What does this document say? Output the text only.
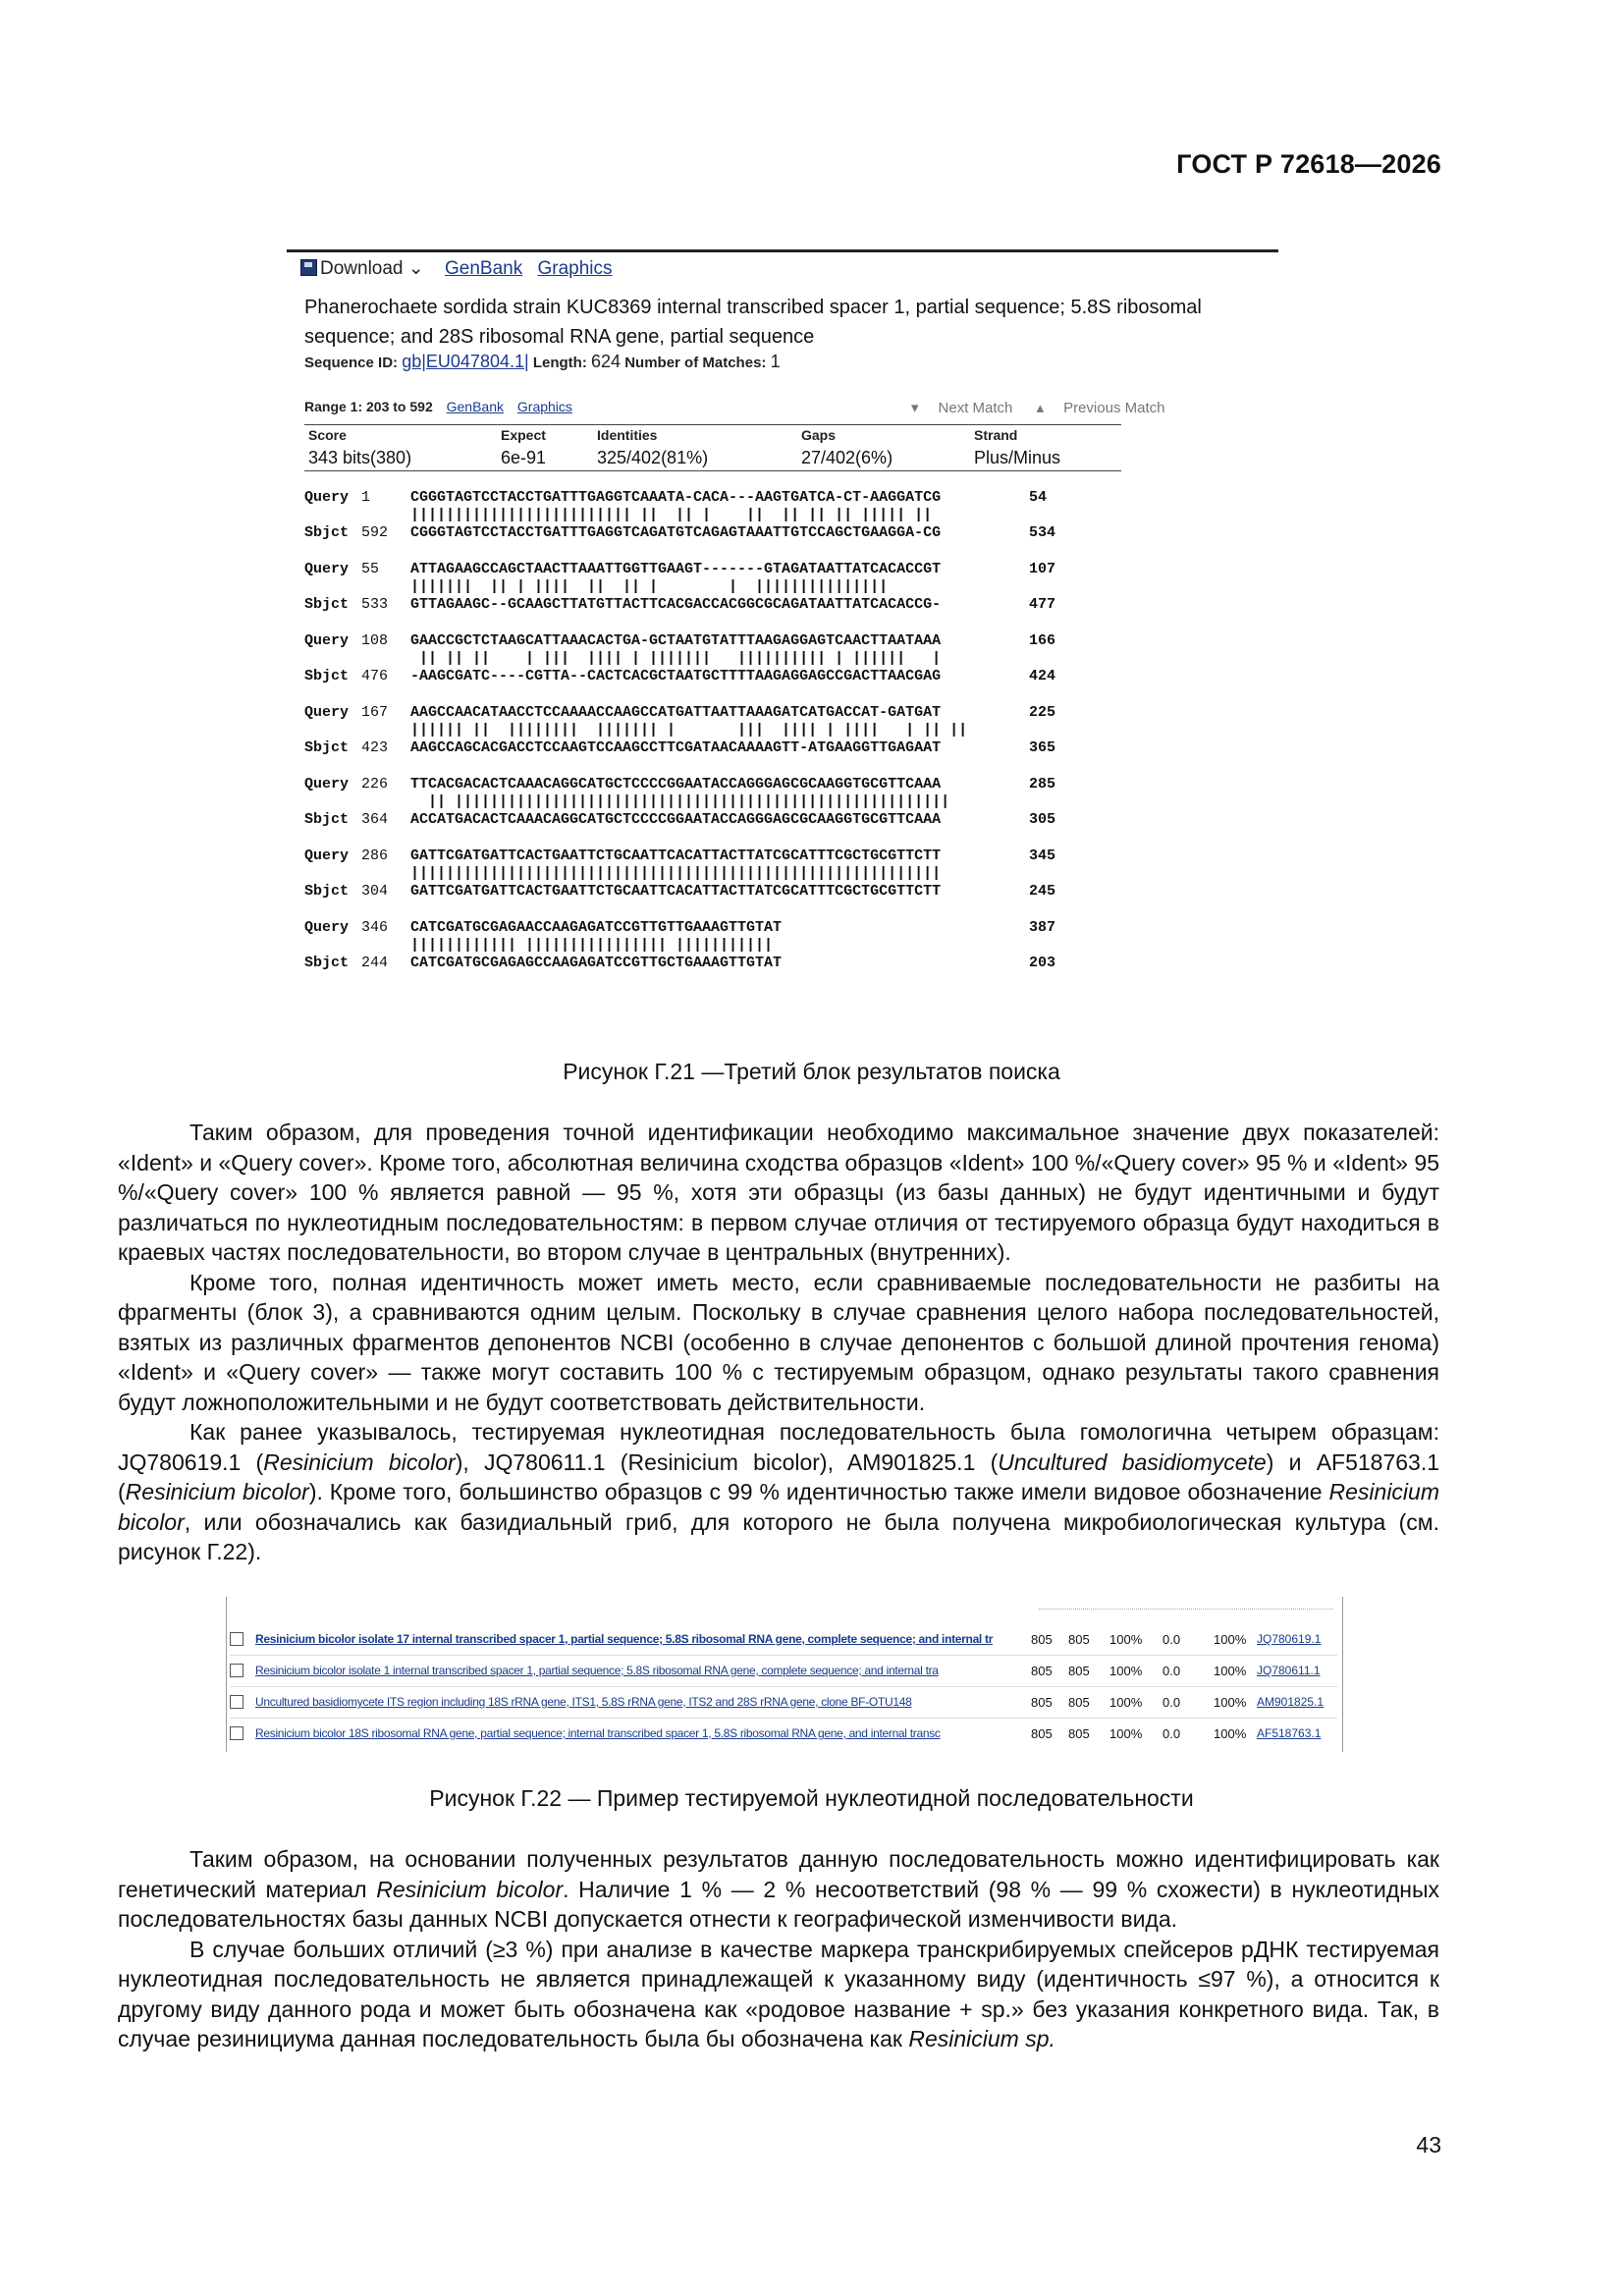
ГОСТ Р 72618—2026
Download ⌄ GenBank Graphics
Phanerochaete sordida strain KUC8369 internal transcribed spacer 1, partial sequence; 5.8S ribosomal sequence; and 28S ribosomal RNA gene, partial sequence
Sequence ID: gb|EU047804.1| Length: 624 Number of Matches: 1
Range 1: 203 to 592 GenBank Graphics	▾ Next Match ▴ Previous Match
Score	Expect	Identities	Gaps	Strand
343 bits(380)	6e-91	325/402(81%)	27/402(6%)	Plus/Minus
Query 1	CGGGTAGTCCTACCTGATTTGAGGTCAAATA-CACA---AAGTGATCA-CT-AAGGATCG	54
||||||||||||||||||||||||| ||  || |    ||  || || || ||||| ||
Sbjct 592	CGGGTAGTCCTACCTGATTTGAGGTCAGATGTCAGAGTAAATTGTCCAGCTGAAGGA-CG	534
Query 55	ATTAGAAGCCAGCTAACTTAAATTGGTTGAAGT-------GTAGATAATTATCACACCGT	107
|||||||  || | ||||  ||  || |        |  |||||||||||||||
Sbjct 533	GTTAGAAGC--GCAAGCTTATGTTACTTCACGACCACGGCGCAGATAATTATCACACCG-	477
Query 108	GAACCGCTCTAAGCATTAAACACTGA-GCTAATGTATTTAAGAGGAGTCAACTTAATAAA	166
|| || ||    | |||  |||| | |||||||   |||||||||| | ||||||   |
Sbjct 476	-AAGCGATC----CGTTA--CACTCACGCTAATGCTTTTAAGAGGAGCCGACTTAACGAG	424
Query 167	AAGCCAACATAACCTCCAAAACCAAGCCATGATTAATTAAAGATCATGACCAT-GATGAT	225
|||||| ||  ||||||||  ||||||| |       |||  |||| | ||||   | || ||
Sbjct 423	AAGCCAGCACGACCTCCAAGTCCAAGCCTTCGATAACAAAAGTT-ATGAAGGTTGAGAAT	365
Query 226	TTCACGACACTCAAACAGGCATGCTCCCCGGAATACCAGGGAGCGCAAGGTGCGTTCAAA	285
|| ||||||||||||||||||||||||||||||||||||||||||||||||||||||||
Sbjct 364	ACCATGACACTCAAACAGGCATGCTCCCCGGAATACCAGGGAGCGCAAGGTGCGTTCAAA	305
Query 286	GATTCGATGATTCACTGAATTCTGCAATTCACATTACTTATCGCATTTCGCTGCGTTCTT	345
||||||||||||||||||||||||||||||||||||||||||||||||||||||||||||
Sbjct 304	GATTCGATGATTCACTGAATTCTGCAATTCACATTACTTATCGCATTTCGCTGCGTTCTT	245
Query 346	CATCGATGCGAGAACCAAGAGATCCGTTGTTGAAAGTTGTAT	387
|||||||||||| |||||||||||||||| |||||||||||
Sbjct 244	CATCGATGCGAGAGCCAAGAGATCCGTTGCTGAAAGTTGTAT	203
Рисунок Г.21 —Третий блок результатов поиска

Таким образом, для проведения точной идентификации необходимо максимальное значение двух показателей: «Ident» и «Query cover». Кроме того, абсолютная величина сходства образцов «Ident» 100 %/«Query cover» 95 % и «Ident» 95 %/«Query cover» 100 % является равной — 95 %, хотя эти образцы (из базы данных) не будут идентичными и будут различаться по нуклеотидным последовательностям: в первом случае отличия от тестируемого образца будут находиться в краевых частях последовательности, во втором случае в центральных (внутренних).

Кроме того, полная идентичность может иметь место, если сравниваемые последовательности не разбиты на фрагменты (блок 3), а сравниваются одним целым. Поскольку в случае сравнения целого набора последовательностей, взятых из различных фрагментов депонентов NCBI (особенно в случае депонентов с большой длиной прочтения генома) «Ident» и «Query cover» — также могут составить 100 % с тестируемым образцом, однако результаты такого сравнения будут ложноположительными и не будут соответствовать действительности.

Как ранее указывалось, тестируемая нуклеотидная последовательность была гомологична четырем образцам: JQ780619.1 (Resinicium bicolor), JQ780611.1 (Resinicium bicolor), AM901825.1 (Uncultured basidiomycete) и AF518763.1 (Resinicium bicolor). Кроме того, большинство образцов с 99 % идентичностью также имели видовое обозначение Resinicium bicolor, или обозначались как базидиальный гриб, для которого не была получена микробиологическая культура (см. рисунок Г.22).

Resinicium bicolor isolate 17 internal transcribed spacer 1, partial sequence; 5.8S ribosomal RNA gene, complete sequence; and internal tr	805	805	100%	0.0	100% JQ780619.1
Resinicium bicolor isolate 1 internal transcribed spacer 1, partial sequence; 5.8S ribosomal RNA gene, complete sequence; and internal tra	805	805	100%	0.0	100% JQ780611.1
Uncultured basidiomycete ITS region including 18S rRNA gene, ITS1, 5.8S rRNA gene, ITS2 and 28S rRNA gene, clone BF-OTU148	805	805	100%	0.0	100% AM901825.1
Resinicium bicolor 18S ribosomal RNA gene, partial sequence; internal transcribed spacer 1, 5.8S ribosomal RNA gene, and internal transc	805	805	100%	0.0	100% AF518763.1
Рисунок Г.22 — Пример тестируемой нуклеотидной последовательности

Таким образом, на основании полученных результатов данную последовательность можно идентифицировать как генетический материал Resinicium bicolor. Наличие 1 % — 2 % несоответствий (98 % — 99 % схожести) в нуклеотидных последовательностях базы данных NCBI допускается отнести к географической изменчивости вида.

В случае больших отличий (≥3 %) при анализе в качестве маркера транскрибируемых спейсеров рДНК тестируемая нуклеотидная последовательность не является принадлежащей к указанному виду (идентичность ≤97 %), а относится к другому виду данного рода и может быть обозначена как «родовое название + sp.» без указания конкретного вида. Так, в случае резинициума данная последовательность была бы обозначена как Resinicium sp.

43
